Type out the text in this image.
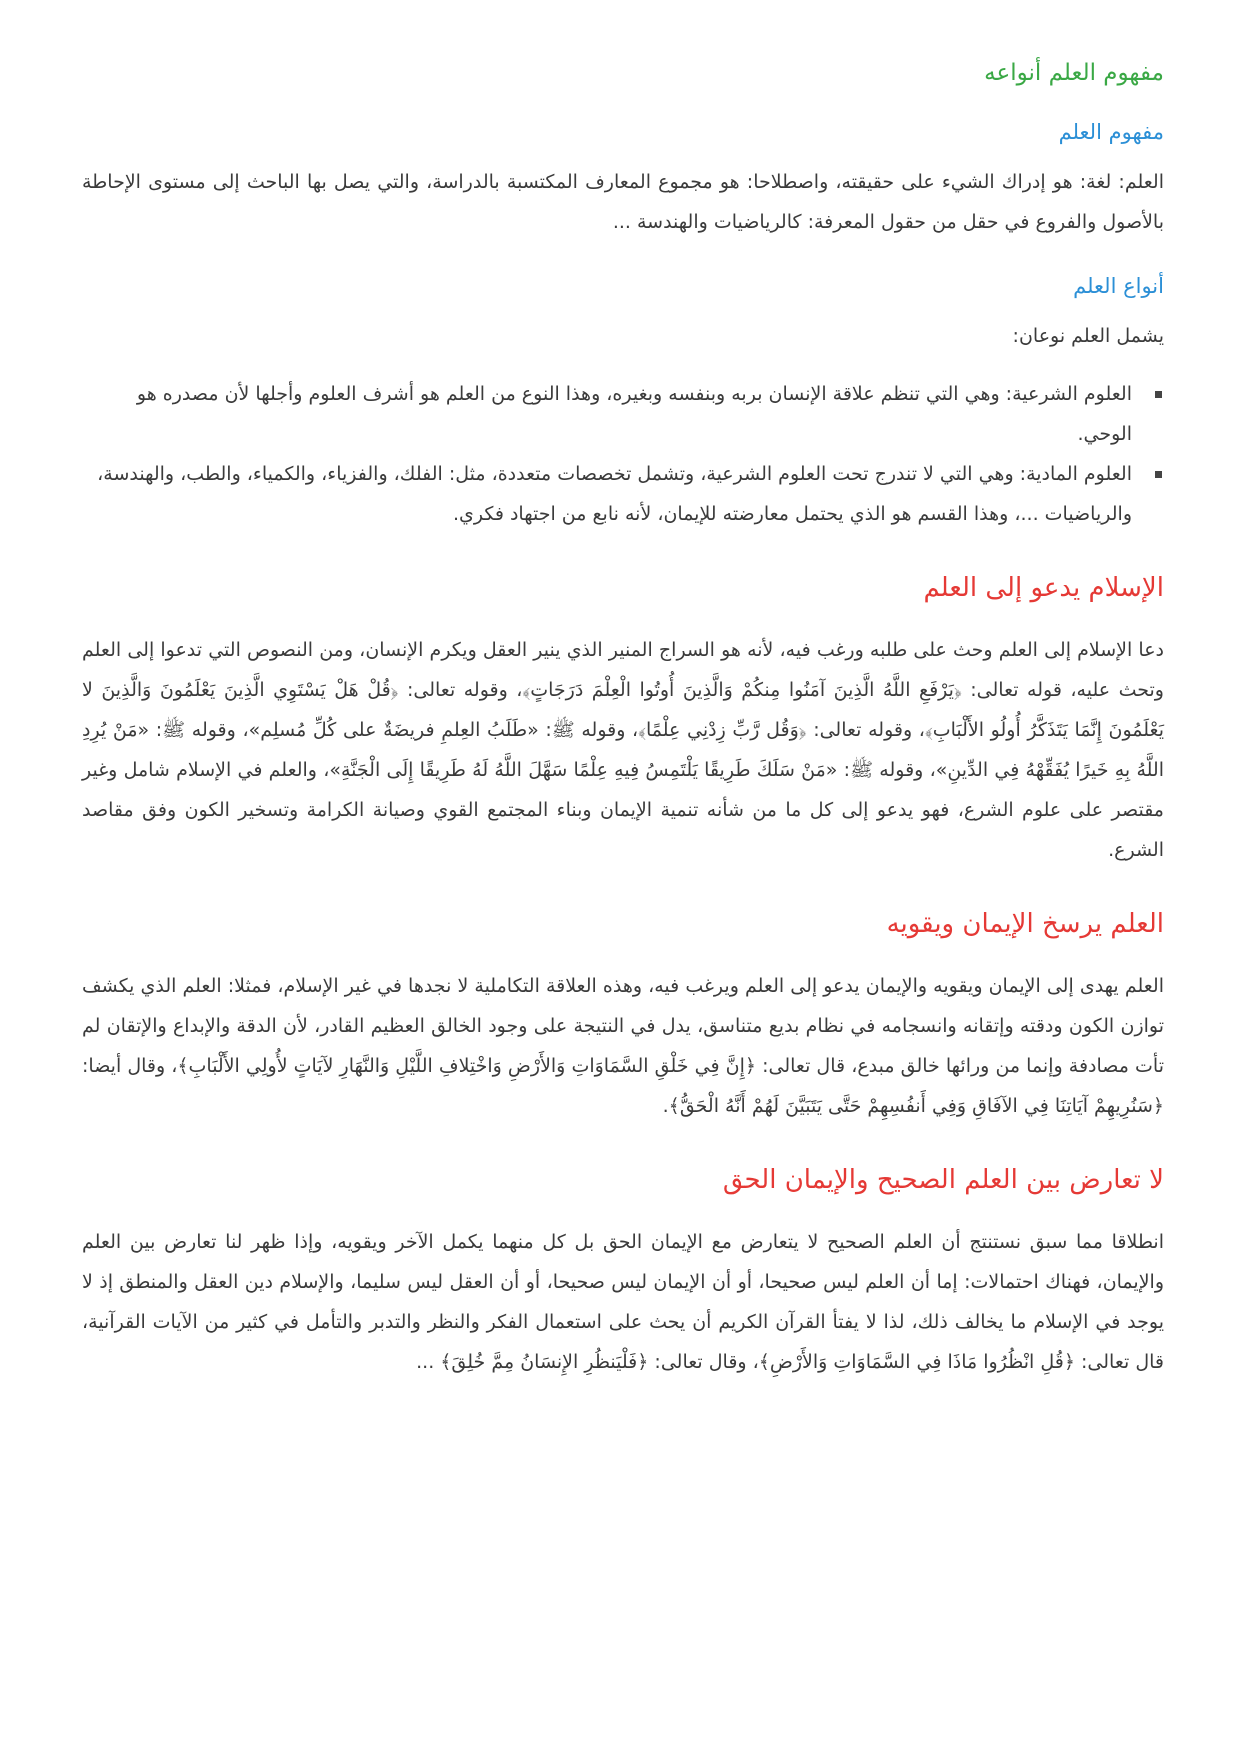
مفهوم العلم أنواعه
مفهوم العلم

العلم: لغة: هو إدراك الشيء على حقيقته، واصطلاحا: هو مجموع المعارف المكتسبة بالدراسة، والتي يصل بها الباحث إلى مستوى الإحاطة بالأصول والفروع في حقل من حقول المعرفة: كالرياضيات والهندسة ...

أنواع العلم

يشمل العلم نوعان:

العلوم الشرعية: وهي التي تنظم علاقة الإنسان بربه وبنفسه وبغيره، وهذا النوع من العلم هو أشرف العلوم وأجلها لأن مصدره هو الوحي.
العلوم المادية: وهي التي لا تندرج تحت العلوم الشرعية، وتشمل تخصصات متعددة، مثل: الفلك، والفزياء، والكمياء، والطب، والهندسة، والرياضيات ...، وهذا القسم هو الذي يحتمل معارضته للإيمان، لأنه نابع من اجتهاد فكري.
الإسلام يدعو إلى العلم

دعا الإسلام إلى العلم وحث على طلبه ورغب فيه، لأنه هو السراج المنير الذي ينير العقل ويكرم الإنسان، ومن النصوص التي تدعوا إلى العلم وتحث عليه، قوله تعالى: ﴿يَرْفَعِ اللَّهُ الَّذِينَ آمَنُوا مِنكُمْ وَالَّذِينَ أُوتُوا الْعِلْمَ دَرَجَاتٍ﴾، وقوله تعالى: ﴿قُلْ هَلْ يَسْتَوِي الَّذِينَ يَعْلَمُونَ وَالَّذِينَ لا يَعْلَمُونَ إِنَّمَا يَتَذَكَّرُ أُولُو الأَلْبَابِ﴾، وقوله تعالى: ﴿وَقُل رَّبِّ زِدْنِي عِلْمًا﴾، وقوله ﷺ: «طَلَبُ العِلمِ فريضَةٌ على كُلِّ مُسلِم»، وقوله ﷺ: «مَنْ يُرِدِ اللَّهُ بِهِ خَيرًا يُفَقِّهْهُ فِي الدِّينِ»، وقوله ﷺ: «مَنْ سَلَكَ طَرِيقًا يَلْتَمِسُ فِيهِ عِلْمًا سَهَّلَ اللَّهُ لَهُ طَرِيقًا إِلَى الْجَنَّةِ»، والعلم في الإسلام شامل وغير مقتصر على علوم الشرع، فهو يدعو إلى كل ما من شأنه تنمية الإيمان وبناء المجتمع القوي وصيانة الكرامة وتسخير الكون وفق مقاصد الشرع.

العلم يرسخ الإيمان ويقويه

العلم يهدى إلى الإيمان ويقويه والإيمان يدعو إلى العلم ويرغب فيه، وهذه العلاقة التكاملية لا نجدها في غير الإسلام، فمثلا: العلم الذي يكشف توازن الكون ودقته وإتقانه وانسجامه في نظام بديع متناسق، يدل في النتيجة على وجود الخالق العظيم القادر، لأن الدقة والإبداع والإتقان لم تأت مصادفة وإنما من ورائها خالق مبدع، قال تعالى: ﴿إِنَّ فِي خَلْقِ السَّمَاوَاتِ وَالأَرْضِ وَاخْتِلافِ اللَّيْلِ وَالنَّهَارِ لآيَاتٍ لأُولِي الأَلْبَابِ﴾، وقال أيضا: ﴿سَنُرِيهِمْ آيَاتِنَا فِي الآفَاقِ وَفِي أَنفُسِهِمْ حَتَّى يَتَبَيَّنَ لَهُمْ أَنَّهُ الْحَقُّ﴾.

لا تعارض بين العلم الصحيح والإيمان الحق

انطلاقا مما سبق نستنتج أن العلم الصحيح لا يتعارض مع الإيمان الحق بل كل منهما يكمل الآخر ويقويه، وإذا ظهر لنا تعارض بين العلم والإيمان، فهناك احتمالات: إما أن العلم ليس صحيحا، أو أن الإيمان ليس صحيحا، أو أن العقل ليس سليما، والإسلام دين العقل والمنطق إذ لا يوجد في الإسلام ما يخالف ذلك، لذا لا يفتأ القرآن الكريم أن يحث على استعمال الفكر والنظر والتدبر والتأمل في كثير من الآيات القرآنية، قال تعالى: ﴿قُلِ انْظُرُوا مَاذَا فِي السَّمَاوَاتِ وَالأَرْضِ﴾، وقال تعالى: ﴿فَلْيَنظُرِ الإِنسَانُ مِمَّ خُلِقَ﴾ ...
